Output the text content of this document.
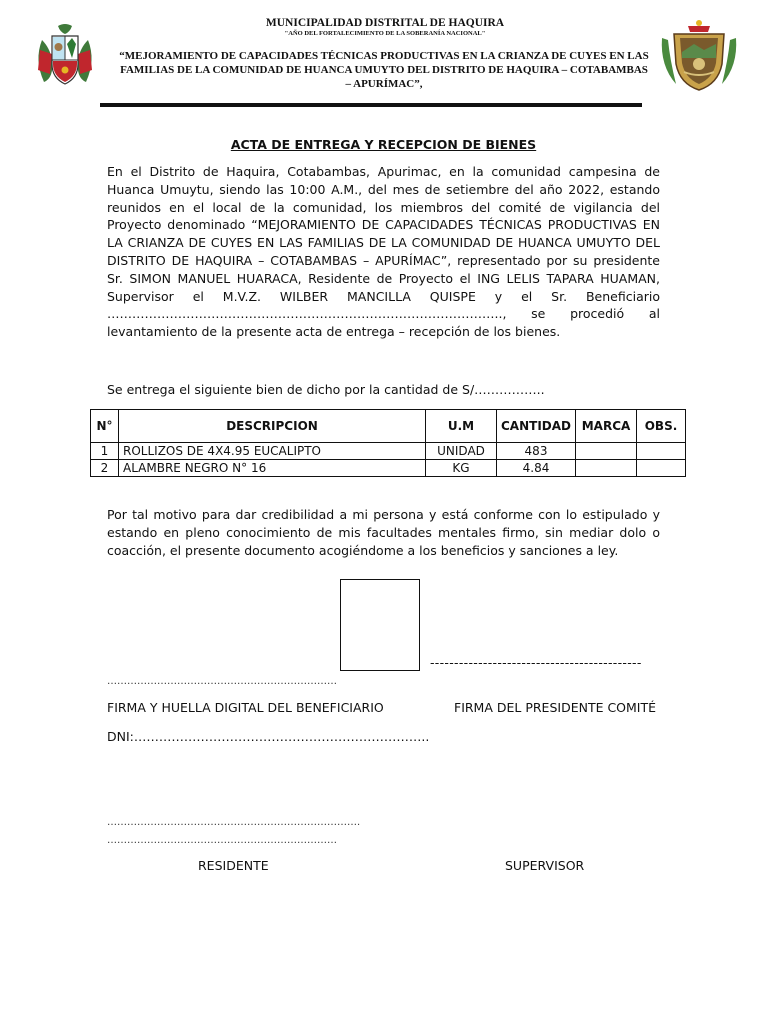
MUNICIPALIDAD DISTRITAL DE HAQUIRA
"AÑO DEL FORTALECIMIENTO DE LA SOBERANÍA NACIONAL"
“MEJORAMIENTO DE CAPACIDADES TÉCNICAS PRODUCTIVAS EN LA CRIANZA DE CUYES EN LAS
FAMILIAS DE LA COMUNIDAD DE HUANCA UMUYTO DEL DISTRITO DE HAQUIRA – COTABAMBAS
– APURÍMAC”,
ACTA DE ENTREGA Y RECEPCION DE BIENES
En el Distrito de Haquira, Cotabambas, Apurimac, en la comunidad campesina de Huanca Umuytu, siendo las 10:00 A.M., del mes de setiembre del año 2022, estando reunidos en el local de la comunidad, los miembros del comité de vigilancia del Proyecto denominado “MEJORAMIENTO DE CAPACIDADES TÉCNICAS PRODUCTIVAS EN LA CRIANZA DE CUYES EN LAS FAMILIAS DE LA COMUNIDAD DE HUANCA UMUYTO DEL DISTRITO DE HAQUIRA – COTABAMBAS – APURÍMAC”, representado por su presidente Sr. SIMON MANUEL HUARACA, Residente de Proyecto el ING LELIS TAPARA HUAMAN, Supervisor el M.V.Z. WILBER MANCILLA QUISPE y el Sr. Beneficiario ………………………………………………………………………………….., se procedió al levantamiento de la presente acta de entrega – recepción de los bienes.
Se entrega el siguiente bien de dicho por la cantidad de S/……………..
N°	DESCRIPCION	U.M	CANTIDAD	MARCA	OBS.
1	ROLLIZOS DE 4X4.95 EUCALIPTO	UNIDAD	483		
2	ALAMBRE NEGRO N° 16	KG	4.84		
Por tal motivo para dar credibilidad a mi persona y está conforme con lo estipulado y estando en pleno conocimiento de mis facultades mentales firmo, sin mediar dolo o coacción, el presente documento acogiéndome a los beneficios y sanciones a ley.
……………………………………………………………
--------------------------------------------
FIRMA Y HUELLA DIGITAL DEL BENEFICIARIO	FIRMA DEL PRESIDENTE COMITÉ
DNI:……………………………………………………………..
………………………………………………………………….
……………………………………………………………
RESIDENTE	SUPERVISOR
